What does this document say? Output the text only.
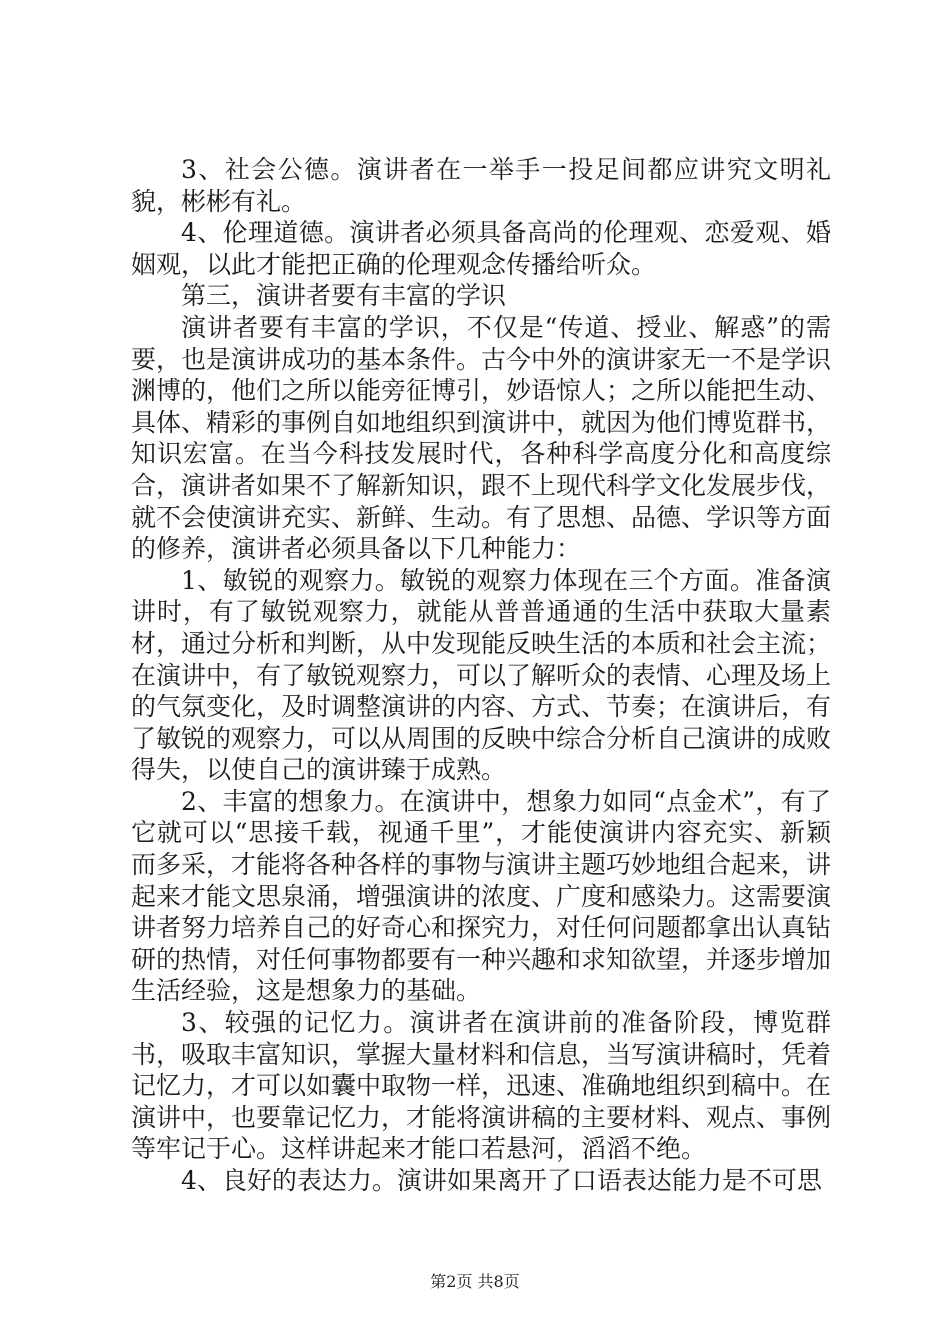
3、社会公德。演讲者在一举手一投足间都应讲究文明礼貌，彬彬有礼。

4、伦理道德。演讲者必须具备高尚的伦理观、恋爱观、婚姻观，以此才能把正确的伦理观念传播给听众。

第三，演讲者要有丰富的学识

演讲者要有丰富的学识，不仅是“传道、授业、解惑”的需要，也是演讲成功的基本条件。古今中外的演讲家无一不是学识渊博的，他们之所以能旁征博引，妙语惊人；之所以能把生动、具体、精彩的事例自如地组织到演讲中，就因为他们博览群书，知识宏富。在当今科技发展时代，各种科学高度分化和高度综合，演讲者如果不了解新知识，跟不上现代科学文化发展步伐，就不会使演讲充实、新鲜、生动。有了思想、品德、学识等方面的修养，演讲者必须具备以下几种能力：

1、敏锐的观察力。敏锐的观察力体现在三个方面。准备演讲时，有了敏锐观察力，就能从普普通通的生活中获取大量素材，通过分析和判断，从中发现能反映生活的本质和社会主流；在演讲中，有了敏锐观察力，可以了解听众的表情、心理及场上的气氛变化，及时调整演讲的内容、方式、节奏；在演讲后，有了敏锐的观察力，可以从周围的反映中综合分析自己演讲的成败得失，以使自己的演讲臻于成熟。

2、丰富的想象力。在演讲中，想象力如同“点金术”，有了它就可以“思接千载，视通千里”，才能使演讲内容充实、新颖而多采，才能将各种各样的事物与演讲主题巧妙地组合起来，讲起来才能文思泉涌，增强演讲的浓度、广度和感染力。这需要演讲者努力培养自己的好奇心和探究力，对任何问题都拿出认真钻研的热情，对任何事物都要有一种兴趣和求知欲望，并逐步增加生活经验，这是想象力的基础。

3、较强的记忆力。演讲者在演讲前的准备阶段，博览群书，吸取丰富知识，掌握大量材料和信息，当写演讲稿时，凭着记忆力，才可以如囊中取物一样，迅速、准确地组织到稿中。在演讲中，也要靠记忆力，才能将演讲稿的主要材料、观点、事例等牢记于心。这样讲起来才能口若悬河，滔滔不绝。

4、良好的表达力。演讲如果离开了口语表达能力是不可思

第2页 共8页
